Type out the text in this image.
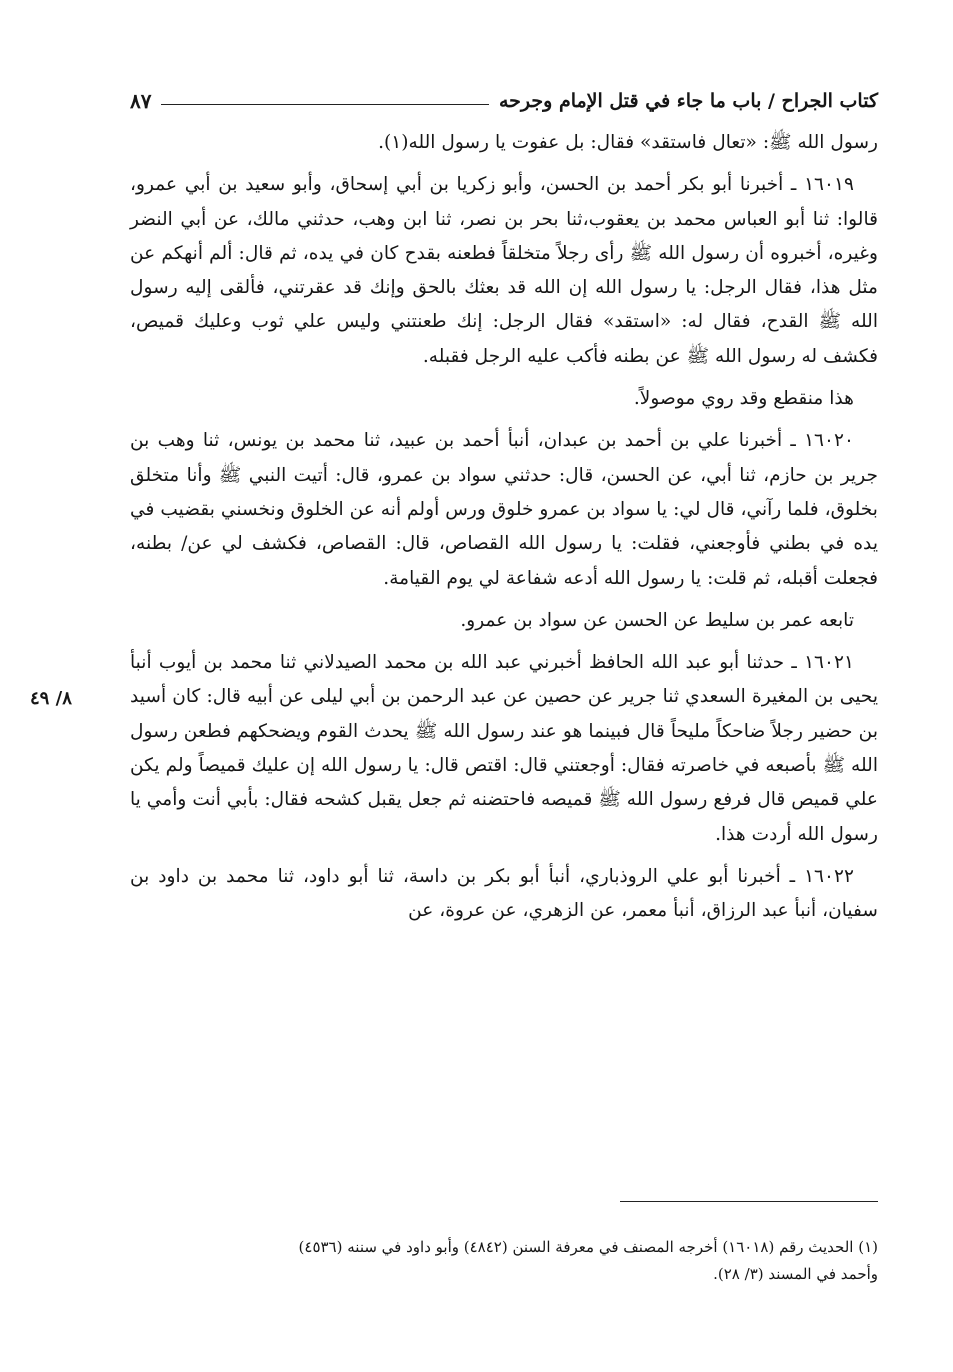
كتاب الجراح / باب ما جاء في قتل الإمام وجرحه
٨٧

رسول الله ﷺ: «تعال فاستقد» فقال: بل عفوت يا رسول الله(١).

١٦٠١٩ ـ أخبرنا أبو بكر أحمد بن الحسن، وأبو زكريا بن أبي إسحاق، وأبو سعيد بن أبي عمرو، قالوا: ثنا أبو العباس محمد بن يعقوب،ثنا بحر بن نصر، ثنا ابن وهب، حدثني مالك، عن أبي النضر وغيره، أخبروه أن رسول الله ﷺ رأى رجلاً متخلقاً فطعنه بقدح كان في يده، ثم قال: ألم أنهكم عن مثل هذا، فقال الرجل: يا رسول الله إن الله قد بعثك بالحق وإنك قد عقرتني، فألقى إليه رسول الله ﷺ القدح، فقال له: «استقد» فقال الرجل: إنك طعنتني وليس علي ثوب وعليك قميص، فكشف له رسول الله ﷺ عن بطنه فأكب عليه الرجل فقبله.

هذا منقطع وقد روي موصولاً.

١٦٠٢٠ ـ أخبرنا علي بن أحمد بن عبدان، أنبأ أحمد بن عبيد، ثنا محمد بن يونس، ثنا وهب بن جرير بن حازم، ثنا أبي، عن الحسن، قال: حدثني سواد بن عمرو، قال: أتيت النبي ﷺ وأنا متخلق بخلوق، فلما رآني، قال لي: يا سواد بن عمرو خلوق ورس أولم أنه عن الخلوق ونخسني بقضيب في يده في بطني فأوجعني، فقلت: يا رسول الله القصاص، قال: القصاص، فكشف لي عن/ بطنه، فجعلت أقبله، ثم قلت: يا رسول الله أدعه شفاعة لي يوم القيامة.

تابعه عمر بن سليط عن الحسن عن سواد بن عمرو.

١٦٠٢١ ـ حدثنا أبو عبد الله الحافظ أخبرني عبد الله بن محمد الصيدلاني ثنا محمد بن أيوب أنبأ يحيى بن المغيرة السعدي ثنا جرير عن حصين عن عبد الرحمن بن أبي ليلى عن أبيه قال: كان أسيد بن حضير رجلاً ضاحكاً مليحاً قال فبينما هو عند رسول الله ﷺ يحدث القوم ويضحكهم فطعن رسول الله ﷺ بأصبعه في خاصرته فقال: أوجعتني قال: اقتص قال: يا رسول الله إن عليك قميصاً ولم يكن علي قميص قال فرفع رسول الله ﷺ قميصه فاحتضنه ثم جعل يقبل كشحه فقال: بأبي أنت وأمي يا رسول الله أردت هذا.

١٦٠٢٢ ـ أخبرنا أبو علي الروذباري، أنبأ أبو بكر بن داسة، ثنا أبو داود، ثنا محمد بن داود بن سفيان، أنبأ عبد الرزاق، أنبأ معمر، عن الزهري، عن عروة، عن

٨/ ٤٩

(١) الحديث رقم (١٦٠١٨) أخرجه المصنف في معرفة السنن (٤٨٤٢) وأبو داود في سننه (٤٥٣٦)

وأحمد في المسند (٣/ ٢٨).
